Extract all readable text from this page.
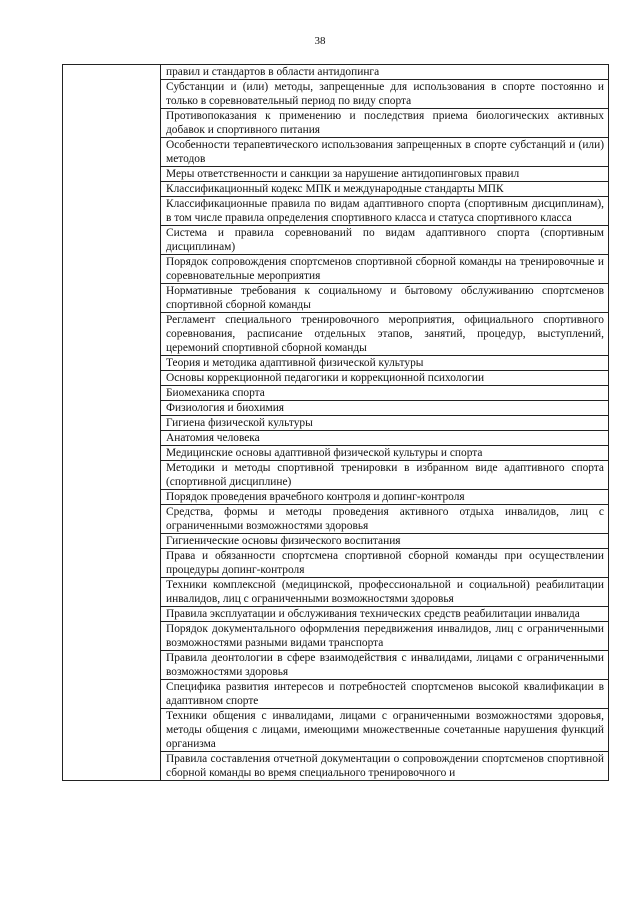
38

правил и стандартов в области антидопинга

Субстанции и (или) методы, запрещенные для использования в спорте постоянно и только в соревновательный период по виду спорта

Противопоказания к применению и последствия приема биологических активных добавок и спортивного питания

Особенности терапевтического использования запрещенных в спорте субстанций и (или) методов

Меры ответственности и санкции за нарушение антидопинговых правил

Классификационный кодекс МПК и международные стандарты МПК

Классификационные правила по видам адаптивного спорта (спортивным дисциплинам), в том числе правила определения спортивного класса и статуса спортивного класса

Система и правила соревнований по видам адаптивного спорта (спортивным дисциплинам)

Порядок сопровождения спортсменов спортивной сборной команды на тренировочные и соревновательные мероприятия

Нормативные требования к социальному и бытовому обслуживанию спортсменов спортивной сборной команды

Регламент специального тренировочного мероприятия, официального спортивного соревнования, расписание отдельных этапов, занятий, процедур, выступлений, церемоний спортивной сборной команды

Теория и методика адаптивной физической культуры

Основы коррекционной педагогики и коррекционной психологии

Биомеханика спорта

Физиология и биохимия

Гигиена физической культуры

Анатомия человека

Медицинские основы адаптивной физической культуры и спорта

Методики и методы спортивной тренировки в избранном виде адаптивного спорта (спортивной дисциплине)

Порядок проведения врачебного контроля и допинг-контроля

Средства, формы и методы проведения активного отдыха инвалидов, лиц с ограниченными возможностями здоровья

Гигиенические основы физического воспитания

Права и обязанности спортсмена спортивной сборной команды при осуществлении процедуры допинг-контроля

Техники комплексной (медицинской, профессиональной и социальной) реабилитации инвалидов, лиц с ограниченными возможностями здоровья

Правила эксплуатации и обслуживания технических средств реабилитации инвалида

Порядок документального оформления передвижения инвалидов, лиц с ограниченными возможностями разными видами транспорта

Правила деонтологии в сфере взаимодействия с инвалидами, лицами с ограниченными возможностями здоровья

Специфика развития интересов и потребностей спортсменов высокой квалификации в адаптивном спорте

Техники общения с инвалидами, лицами с ограниченными возможностями здоровья, методы общения с лицами, имеющими множественные сочетанные нарушения функций организма

Правила составления отчетной документации о сопровождении спортсменов спортивной сборной команды во время специального тренировочного и
